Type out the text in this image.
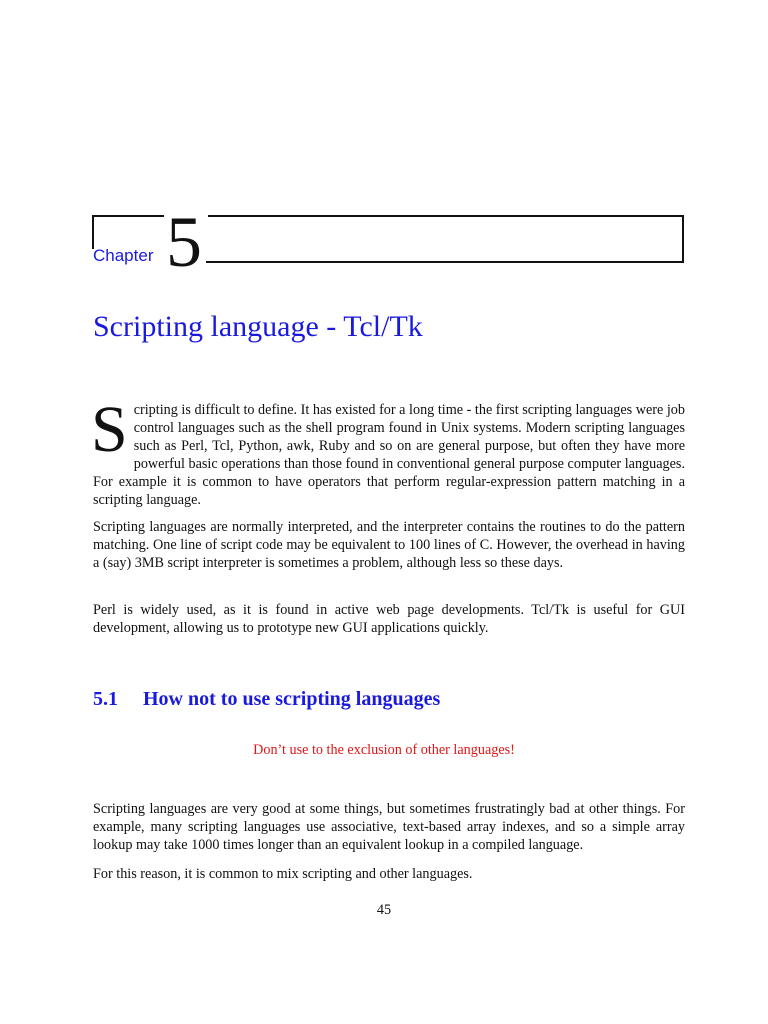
Chapter 5
Scripting language - Tcl/Tk

Scripting is difficult to define. It has existed for a long time - the first scripting languages were job control languages such as the shell program found in Unix systems. Modern scripting languages such as Perl, Tcl, Python, awk, Ruby and so on are general purpose, but often they have more powerful basic operations than those found in conventional general purpose computer languages. For example it is common to have operators that perform regular-expression pattern matching in a scripting language.

Scripting languages are normally interpreted, and the interpreter contains the routines to do the pattern matching. One line of script code may be equivalent to 100 lines of C. However, the overhead in having a (say) 3MB script interpreter is sometimes a problem, although less so these days.

Perl is widely used, as it is found in active web page developments. Tcl/Tk is useful for GUI development, allowing us to prototype new GUI applications quickly.

5.1 How not to use scripting languages

Don’t use to the exclusion of other languages!

Scripting languages are very good at some things, but sometimes frustratingly bad at other things. For example, many scripting languages use associative, text-based array indexes, and so a simple array lookup may take 1000 times longer than an equivalent lookup in a compiled language.

For this reason, it is common to mix scripting and other languages.

45
